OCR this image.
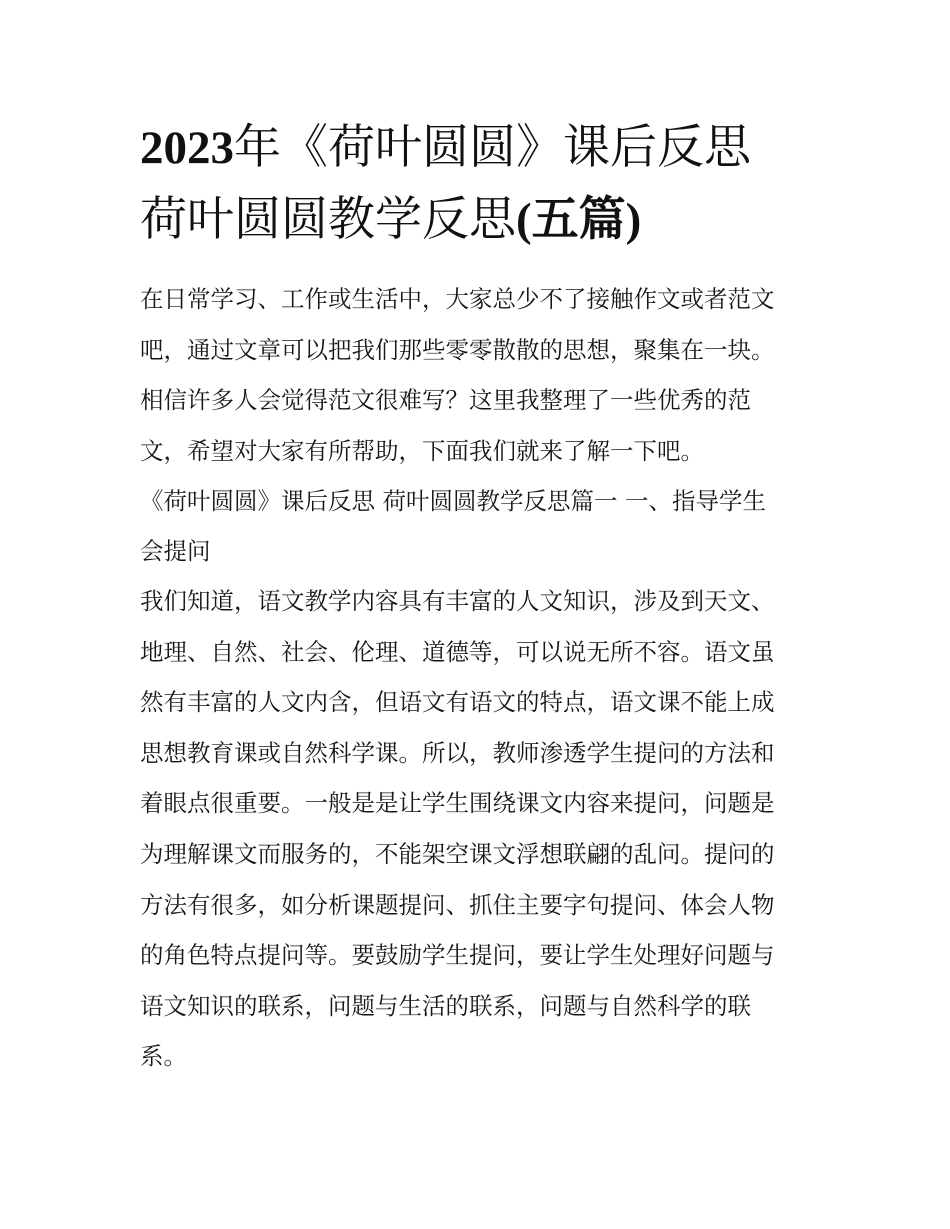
2023年《荷叶圆圆》课后反思
荷叶圆圆教学反思(五篇)

在日常学习、工作或生活中，大家总少不了接触作文或者范文
吧，通过文章可以把我们那些零零散散的思想，聚集在一块。
相信许多人会觉得范文很难写？这里我整理了一些优秀的范
文，希望对大家有所帮助，下面我们就来了解一下吧。

《荷叶圆圆》课后反思 荷叶圆圆教学反思篇一 一、指导学生
会提问

我们知道，语文教学内容具有丰富的人文知识，涉及到天文、
地理、自然、社会、伦理、道德等，可以说无所不容。语文虽
然有丰富的人文内含，但语文有语文的特点，语文课不能上成
思想教育课或自然科学课。所以，教师渗透学生提问的方法和
着眼点很重要。一般是是让学生围绕课文内容来提问，问题是
为理解课文而服务的，不能架空课文浮想联翩的乱问。提问的
方法有很多，如分析课题提问、抓住主要字句提问、体会人物
的角色特点提问等。要鼓励学生提问，要让学生处理好问题与
语文知识的联系，问题与生活的联系，问题与自然科学的联
系。
